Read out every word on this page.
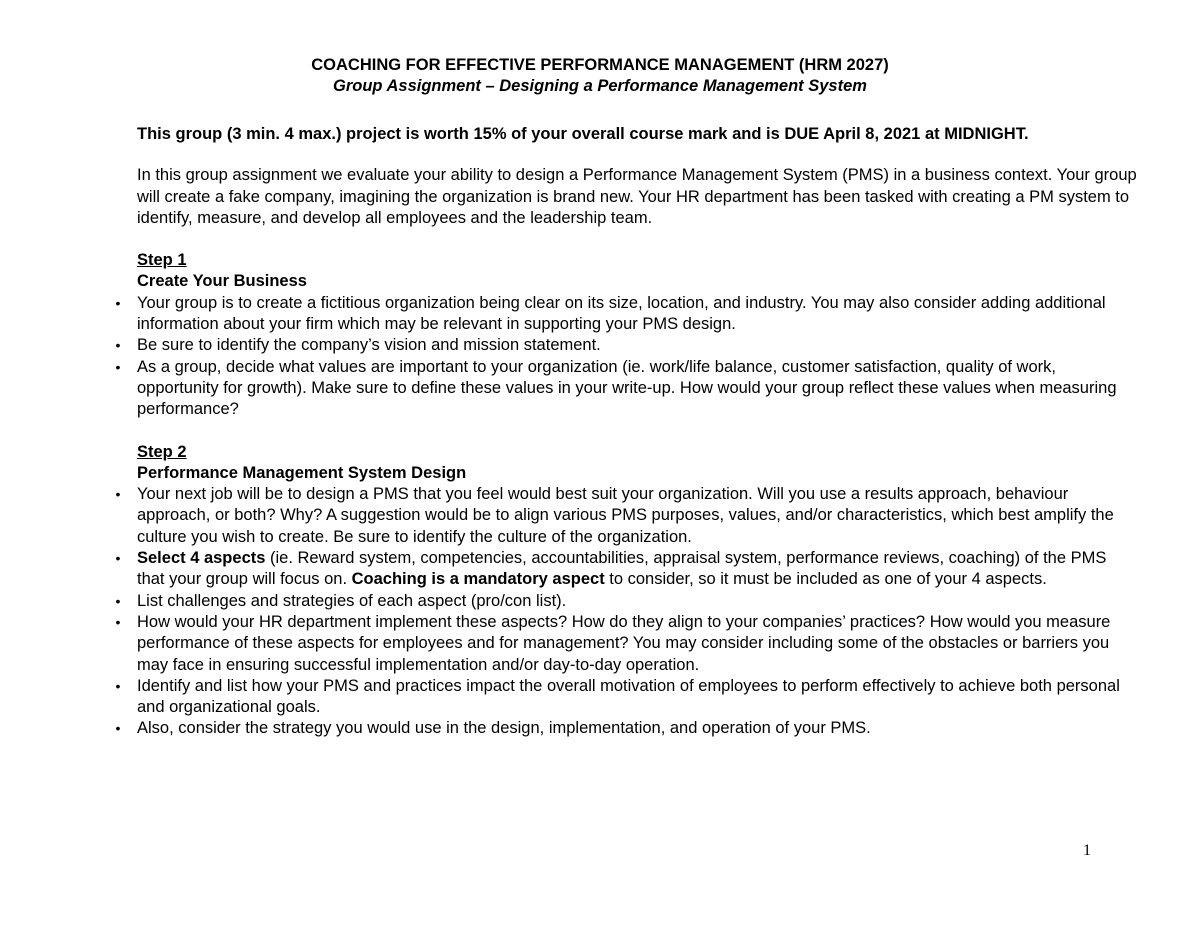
COACHING FOR EFFECTIVE PERFORMANCE MANAGEMENT (HRM 2027)
Group Assignment – Designing a Performance Management System

This group (3 min. 4 max.) project is worth 15% of your overall course mark and is DUE April 8, 2021 at MIDNIGHT.

In this group assignment we evaluate your ability to design a Performance Management System (PMS) in a business context. Your group will create a fake company, imagining the organization is brand new. Your HR department has been tasked with creating a PM system to identify, measure, and develop all employees and the leadership team.

Step 1

Create Your Business

• Your group is to create a fictitious organization being clear on its size, location, and industry. You may also consider adding additional information about your firm which may be relevant in supporting your PMS design.
• Be sure to identify the company’s vision and mission statement.
• As a group, decide what values are important to your organization (ie. work/life balance, customer satisfaction, quality of work, opportunity for growth). Make sure to define these values in your write-up. How would your group reflect these values when measuring performance?

Step 2

Performance Management System Design

• Your next job will be to design a PMS that you feel would best suit your organization. Will you use a results approach, behaviour approach, or both? Why? A suggestion would be to align various PMS purposes, values, and/or characteristics, which best amplify the culture you wish to create. Be sure to identify the culture of the organization.
• Select 4 aspects (ie. Reward system, competencies, accountabilities, appraisal system, performance reviews, coaching) of the PMS that your group will focus on. Coaching is a mandatory aspect to consider, so it must be included as one of your 4 aspects.
• List challenges and strategies of each aspect (pro/con list).
• How would your HR department implement these aspects? How do they align to your companies’ practices? How would you measure performance of these aspects for employees and for management? You may consider including some of the obstacles or barriers you may face in ensuring successful implementation and/or day-to-day operation.
• Identify and list how your PMS and practices impact the overall motivation of employees to perform effectively to achieve both personal and organizational goals.
• Also, consider the strategy you would use in the design, implementation, and operation of your PMS.
1
